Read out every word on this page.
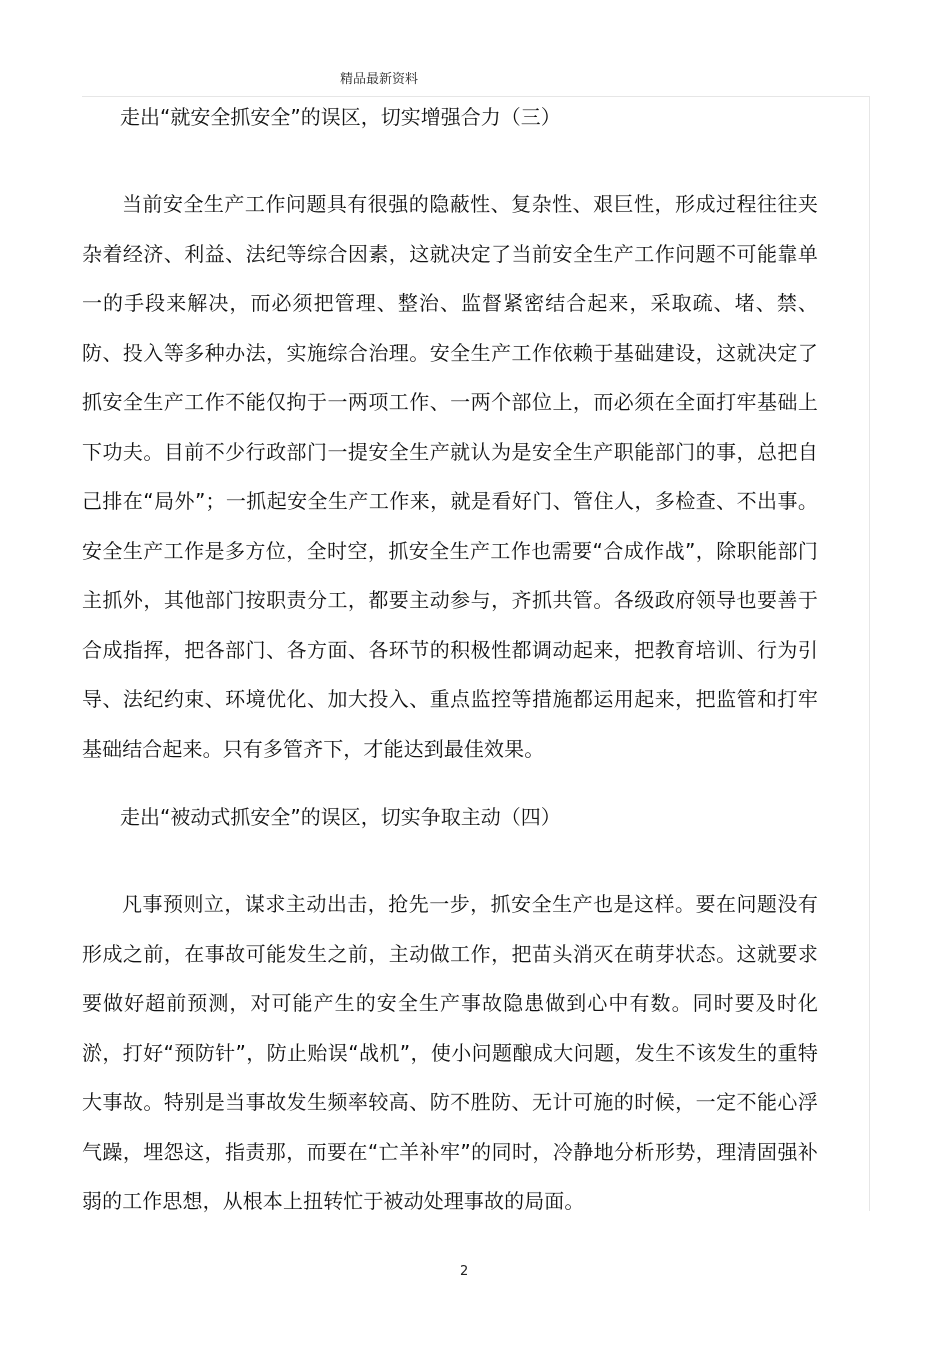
精品最新资料
走出“就安全抓安全”的误区，切实增强合力（三）

当前安全生产工作问题具有很强的隐蔽性、复杂性、艰巨性，形成过程往往夹杂着经济、利益、法纪等综合因素，这就决定了当前安全生产工作问题不可能靠单一的手段来解决，而必须把管理、整治、监督紧密结合起来，采取疏、堵、禁、防、投入等多种办法，实施综合治理。安全生产工作依赖于基础建设，这就决定了抓安全生产工作不能仅拘于一两项工作、一两个部位上，而必须在全面打牢基础上下功夫。目前不少行政部门一提安全生产就认为是安全生产职能部门的事，总把自己排在“局外”；一抓起安全生产工作来，就是看好门、管住人，多检查、不出事。安全生产工作是多方位，全时空，抓安全生产工作也需要“合成作战”，除职能部门主抓外，其他部门按职责分工，都要主动参与，齐抓共管。各级政府领导也要善于合成指挥，把各部门、各方面、各环节的积极性都调动起来，把教育培训、行为引导、法纪约束、环境优化、加大投入、重点监控等措施都运用起来，把监管和打牢基础结合起来。只有多管齐下，才能达到最佳效果。

走出“被动式抓安全”的误区，切实争取主动（四）

凡事预则立，谋求主动出击，抢先一步，抓安全生产也是这样。要在问题没有形成之前，在事故可能发生之前，主动做工作，把苗头消灭在萌芽状态。这就要求要做好超前预测，对可能产生的安全生产事故隐患做到心中有数。同时要及时化淤，打好“预防针”，防止贻误“战机”，使小问题酿成大问题，发生不该发生的重特大事故。特别是当事故发生频率较高、防不胜防、无计可施的时候，一定不能心浮气躁，埋怨这，指责那，而要在“亡羊补牢”的同时，冷静地分析形势，理清固强补弱的工作思想，从根本上扭转忙于被动处理事故的局面。

2
